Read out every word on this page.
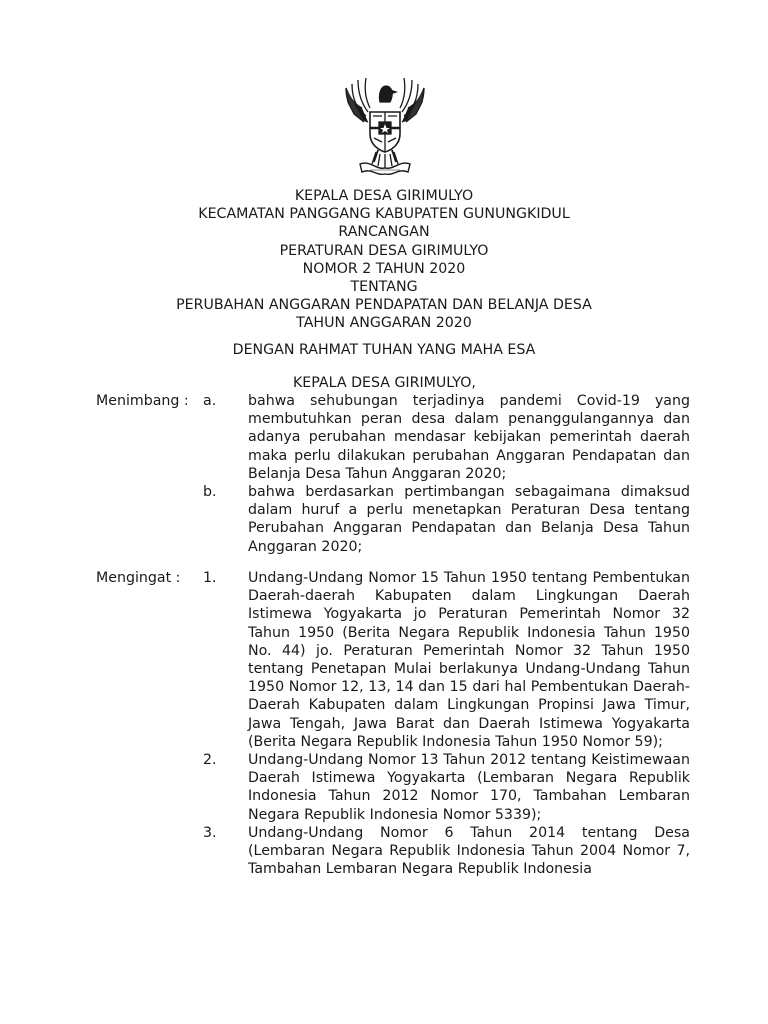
KEPALA DESA GIRIMULYO
KECAMATAN PANGGANG KABUPATEN GUNUNGKIDUL
RANCANGAN
PERATURAN DESA GIRIMULYO
NOMOR 2 TAHUN 2020
TENTANG
PERUBAHAN ANGGARAN PENDAPATAN DAN BELANJA DESA
TAHUN ANGGARAN 2020
DENGAN RAHMAT TUHAN YANG MAHA ESA
KEPALA DESA GIRIMULYO,
Menimbang :	a. bahwa sehubungan terjadinya pandemi Covid-19 yang membutuhkan peran desa dalam penanggulangannya dan adanya perubahan mendasar kebijakan pemerintah daerah maka perlu dilakukan perubahan Anggaran Pendapatan dan Belanja Desa Tahun Anggaran 2020;
b. bahwa berdasarkan pertimbangan sebagaimana dimaksud dalam huruf a perlu menetapkan Peraturan Desa tentang Perubahan Anggaran Pendapatan dan Belanja Desa Tahun Anggaran 2020;
Mengingat :	1. Undang-Undang Nomor 15 Tahun 1950 tentang Pembentukan Daerah-daerah Kabupaten dalam Lingkungan Daerah Istimewa Yogyakarta jo Peraturan Pemerintah Nomor 32 Tahun 1950 (Berita Negara Republik Indonesia Tahun 1950 No. 44) jo. Peraturan Pemerintah Nomor 32 Tahun 1950 tentang Penetapan Mulai berlakunya Undang-Undang Tahun 1950 Nomor 12, 13, 14 dan 15 dari hal Pembentukan Daerah-Daerah Kabupaten dalam Lingkungan Propinsi Jawa Timur, Jawa Tengah, Jawa Barat dan Daerah Istimewa Yogyakarta (Berita Negara Republik Indonesia Tahun 1950 Nomor 59);
2. Undang-Undang Nomor 13 Tahun 2012 tentang Keistimewaan Daerah Istimewa Yogyakarta (Lembaran Negara Republik Indonesia Tahun 2012 Nomor 170, Tambahan Lembaran Negara Republik Indonesia Nomor 5339);
3. Undang-Undang Nomor 6 Tahun 2014 tentang Desa (Lembaran Negara Republik Indonesia Tahun 2004 Nomor 7, Tambahan Lembaran Negara Republik Indonesia
